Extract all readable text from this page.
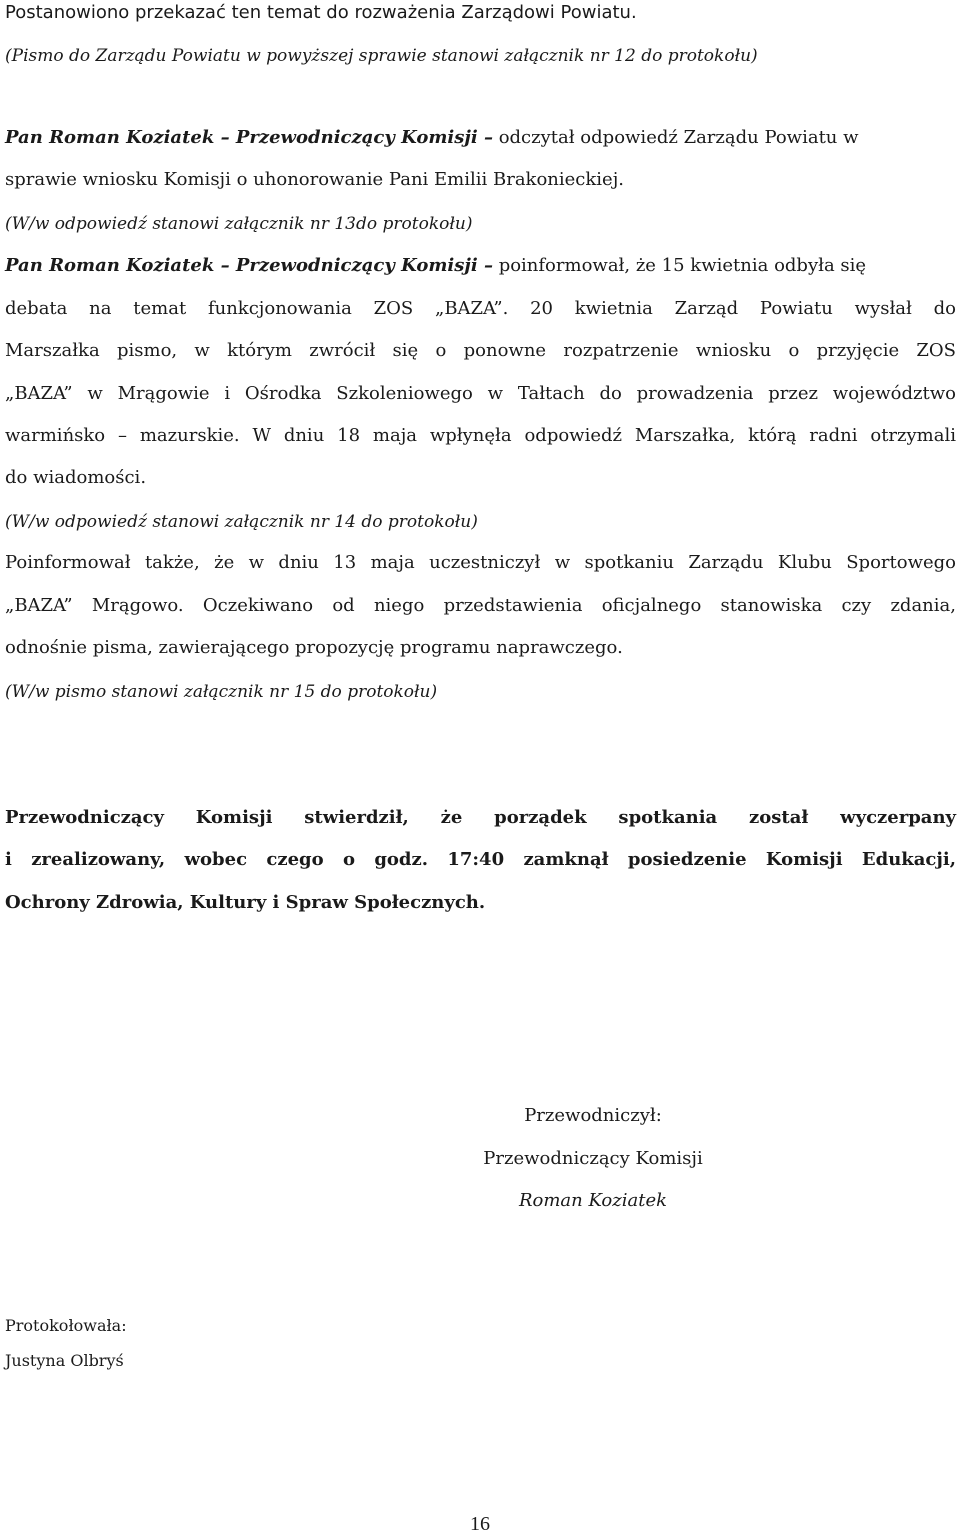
Postanowiono przekazać ten temat do rozważenia Zarządowi Powiatu.
(Pismo do Zarządu Powiatu w powyższej sprawie stanowi załącznik nr 12 do protokołu)
Pan Roman Koziatek – Przewodniczący Komisji – odczytał odpowiedź Zarządu Powiatu w
sprawie wniosku Komisji o uhonorowanie Pani Emilii Brakonieckiej.
(W/w odpowiedź stanowi załącznik nr 13do protokołu)
Pan Roman Koziatek – Przewodniczący Komisji – poinformował, że 15 kwietnia odbyła się
debata na temat funkcjonowania ZOS „BAZA”. 20 kwietnia Zarząd Powiatu wysłał do
Marszałka pismo, w którym zwrócił się o ponowne rozpatrzenie wniosku o przyjęcie ZOS
„BAZA” w Mrągowie i Ośrodka Szkoleniowego w Tałtach do prowadzenia przez województwo
warmińsko – mazurskie. W dniu 18 maja wpłynęła odpowiedź Marszałka, którą radni otrzymali
do wiadomości.
(W/w odpowiedź stanowi załącznik nr 14 do protokołu)
Poinformował także, że w dniu 13 maja uczestniczył w spotkaniu Zarządu Klubu Sportowego
„BAZA” Mrągowo. Oczekiwano od niego przedstawienia oficjalnego stanowiska czy zdania,
odnośnie pisma, zawierającego propozycję programu naprawczego.
(W/w pismo stanowi załącznik nr 15 do protokołu)
Przewodniczący Komisji stwierdził, że porządek spotkania został wyczerpany
i zrealizowany, wobec czego o godz. 17:40 zamknął posiedzenie Komisji Edukacji,
Ochrony Zdrowia, Kultury i Spraw Społecznych.
Przewodniczył:
Przewodniczący Komisji
Roman Koziatek
Protokołowała:
Justyna Olbryś
16
